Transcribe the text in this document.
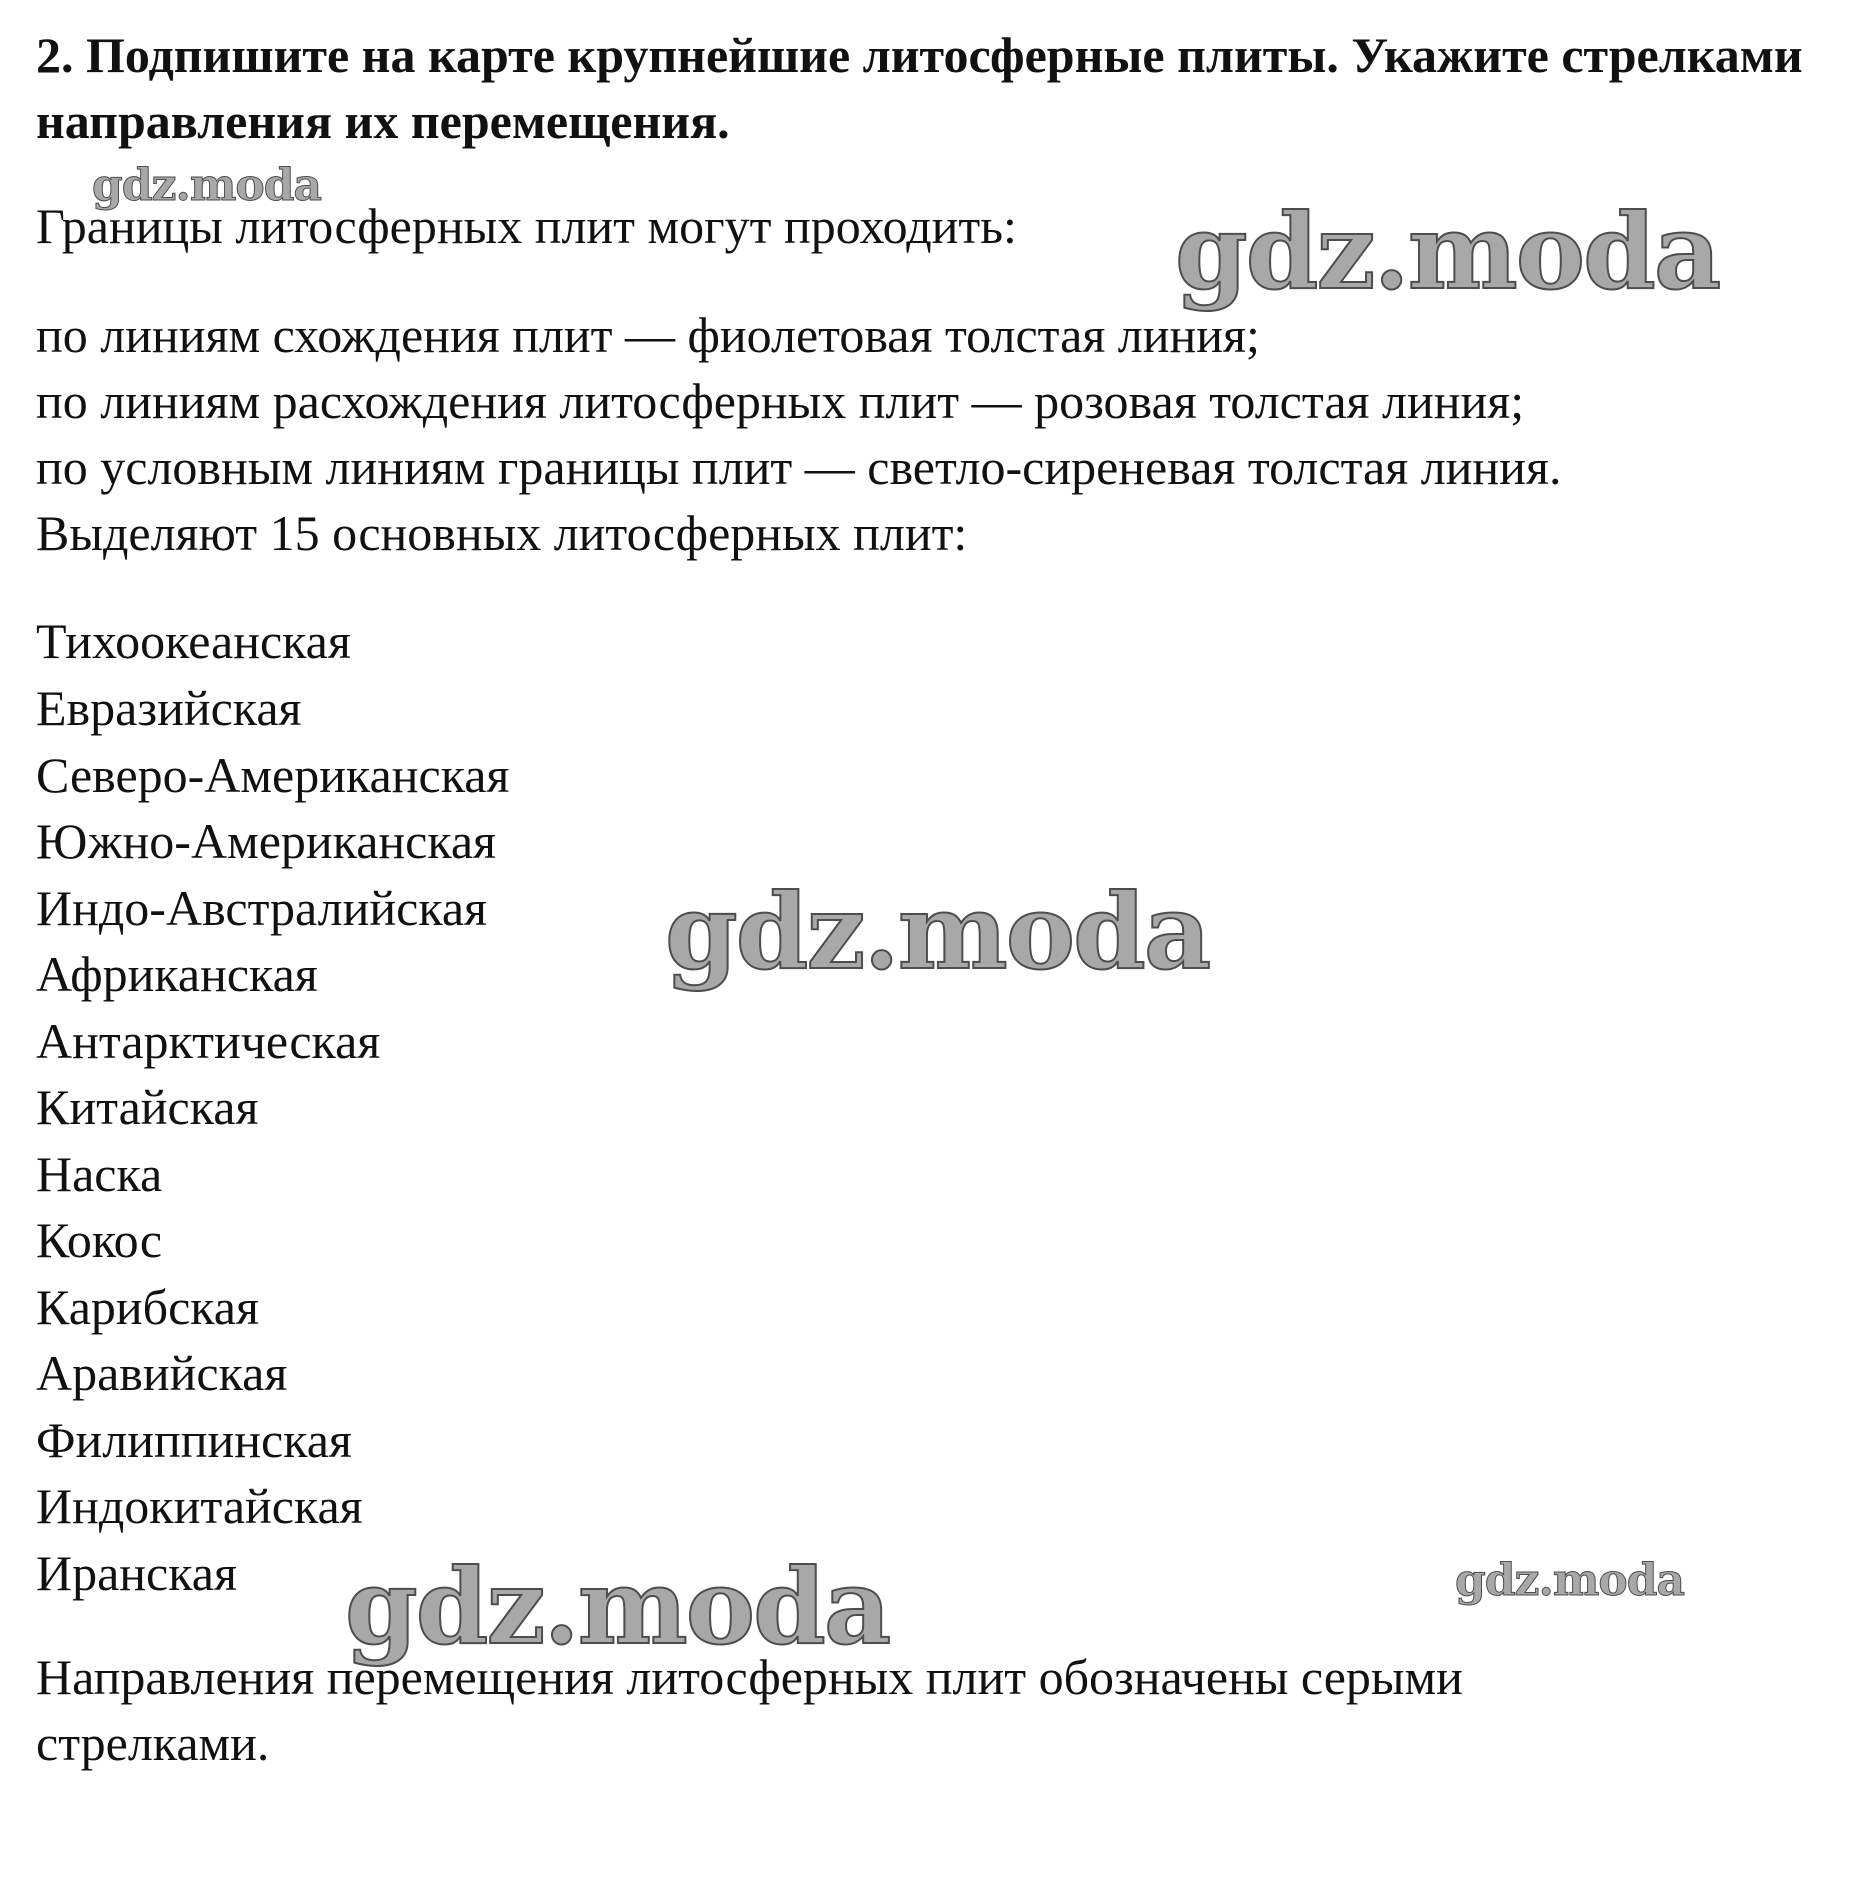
2. Подпишите на карте крупнейшие литосферные плиты. Укажите стрелками направления их перемещения.

Границы литосферных плит могут проходить:

по линиям схождения плит — фиолетовая толстая линия;

по линиям расхождения литосферных плит — розовая толстая линия;

по условным линиям границы плит — светло-сиреневая толстая линия.

Выделяют 15 основных литосферных плит:

Тихоокеанская

Евразийская

Северо-Американская

Южно-Американская

Индо-Австралийская

Африканская

Антарктическая

Китайская

Наска

Кокос

Карибская

Аравийская

Филиппинская

Индокитайская

Иранская

Направления перемещения литосферных плит обозначены серыми

стрелками.

gdz.moda
gdz.moda
gdz.moda
gdz.moda	gdz.moda
